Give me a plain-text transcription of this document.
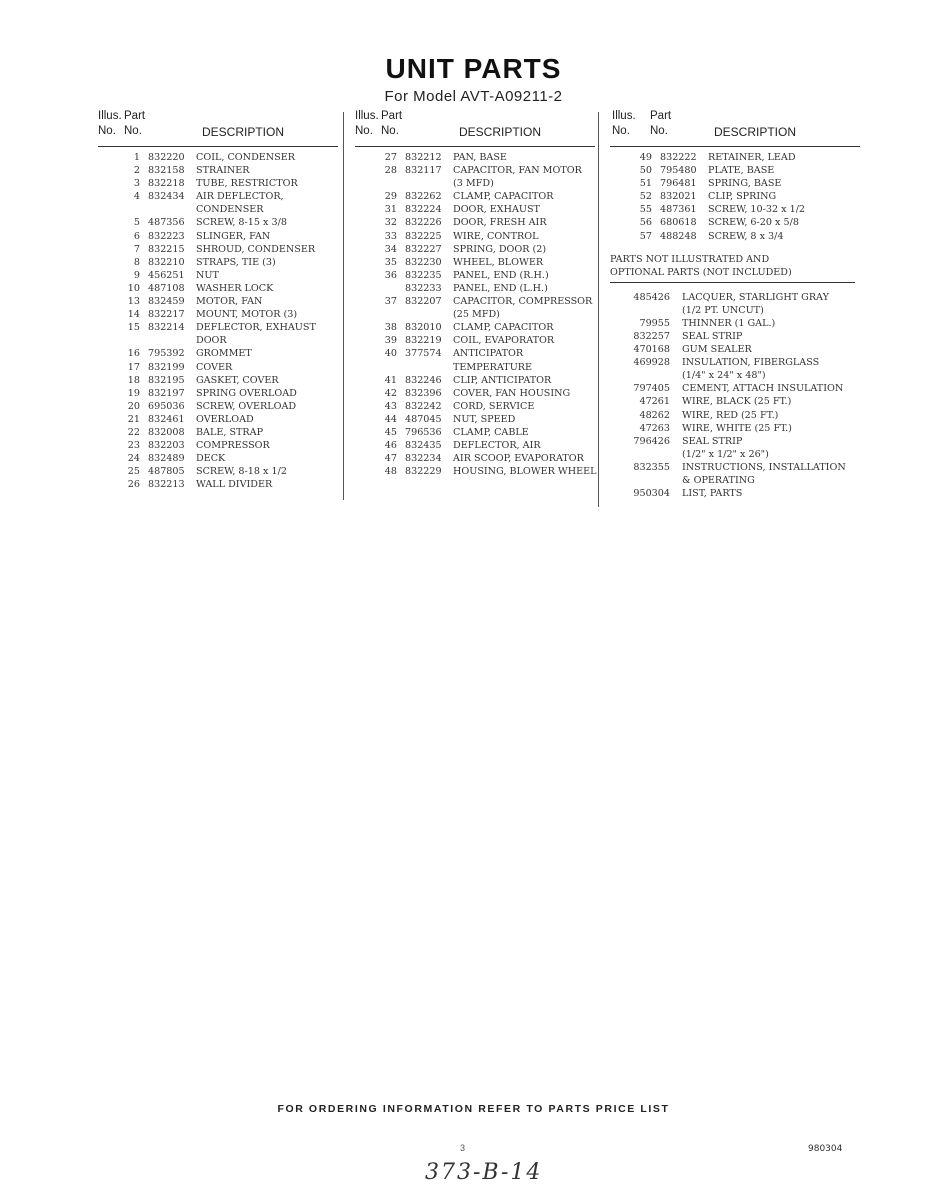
UNIT PARTS
For Model AVT-A09211-2
Illus. Part
No. No.	DESCRIPTION
1 832220	COIL, CONDENSER
2 832158	STRAINER
3 832218	TUBE, RESTRICTOR
4 832434	AIR DEFLECTOR,
CONDENSER
5 487356	SCREW, 8-15 x 3/8
6 832223	SLINGER, FAN
7 832215	SHROUD, CONDENSER
8 832210	STRAPS, TIE (3)
9 456251	NUT
10 487108	WASHER LOCK
13 832459	MOTOR, FAN
14 832217	MOUNT, MOTOR (3)
15 832214	DEFLECTOR, EXHAUST
DOOR
16 795392	GROMMET
17 832199	COVER
18 832195	GASKET, COVER
19 832197	SPRING OVERLOAD
20 695036	SCREW, OVERLOAD
21 832461	OVERLOAD
22 832008	BALE, STRAP
23 832203	COMPRESSOR
24 832489	DECK
25 487805	SCREW, 8-18 x 1/2
26 832213	WALL DIVIDER
Illus. Part
No. No.	DESCRIPTION
27 832212	PAN, BASE
28 832117	CAPACITOR, FAN MOTOR
(3 MFD)
29 832262	CLAMP, CAPACITOR
31 832224	DOOR, EXHAUST
32 832226	DOOR, FRESH AIR
33 832225	WIRE, CONTROL
34 832227	SPRING, DOOR (2)
35 832230	WHEEL, BLOWER
36 832235	PANEL, END (R.H.)
832233	PANEL, END (L.H.)
37 832207	CAPACITOR, COMPRESSOR
(25 MFD)
38 832010	CLAMP, CAPACITOR
39 832219	COIL, EVAPORATOR
40 377574	ANTICIPATOR
TEMPERATURE
41 832246	CLIP, ANTICIPATOR
42 832396	COVER, FAN HOUSING
43 832242	CORD, SERVICE
44 487045	NUT, SPEED
45 796536	CLAMP, CABLE
46 832435	DEFLECTOR, AIR
47 832234	AIR SCOOP, EVAPORATOR
48 832229	HOUSING, BLOWER WHEEL
Illus. Part
No. No.	DESCRIPTION
49 832222	RETAINER, LEAD
50 795480	PLATE, BASE
51 796481	SPRING, BASE
52 832021	CLIP, SPRING
55 487361	SCREW, 10-32 x 1/2
56 680618	SCREW, 6-20 x 5/8
57 488248	SCREW, 8 x 3/4
PARTS NOT ILLUSTRATED AND
OPTIONAL PARTS (NOT INCLUDED)
485426	LACQUER, STARLIGHT GRAY
(1/2 PT. UNCUT)
79955	THINNER (1 GAL.)
832257	SEAL STRIP
470168	GUM SEALER
469928	INSULATION, FIBERGLASS
(1/4" x 24" x 48")
797405	CEMENT, ATTACH INSULATION
47261	WIRE, BLACK (25 FT.)
48262	WIRE, RED (25 FT.)
47263	WIRE, WHITE (25 FT.)
796426	SEAL STRIP
(1/2" x 1/2" x 26")
832355	INSTRUCTIONS, INSTALLATION
& OPERATING
950304	LIST, PARTS
FOR ORDERING INFORMATION REFER TO PARTS PRICE LIST
3	980304
373-B-14
